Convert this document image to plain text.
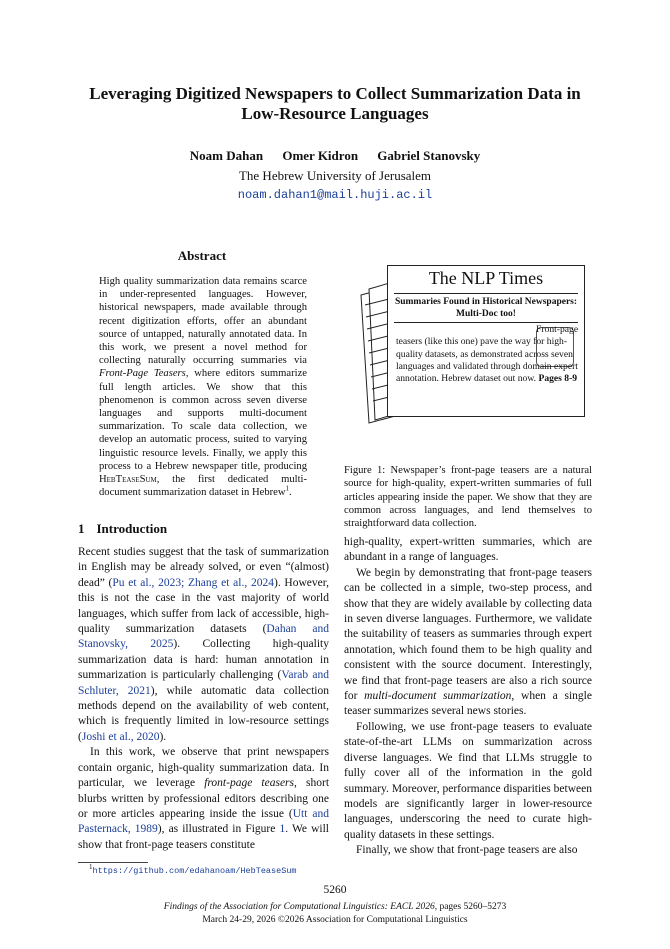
Leveraging Digitized Newspapers to Collect Summarization Data in
Low-Resource Languages
Noam Dahan Omer Kidron Gabriel Stanovsky
The Hebrew University of Jerusalem
noam.dahan1@mail.huji.ac.il
Abstract
High quality summarization data remains scarce in under-represented languages. However, historical newspapers, made available through recent digitization efforts, offer an abundant source of untapped, naturally annotated data. In this work, we present a novel method for collecting naturally occurring summaries via Front-Page Teasers, where editors summarize full length articles. We show that this phenomenon is common across seven diverse languages and supports multi-document summarization. To scale data collection, we develop an automatic process, suited to varying linguistic resource levels. Finally, we apply this process to a Hebrew newspaper title, producing HebTeaseSum, the first dedicated multi-document summarization dataset in Hebrew$^1$.
The NLP Times
Summaries Found in Historical Newspapers: Multi-Doc too!
Front-page teasers (like this one) pave the way for high-quality datasets, as demonstrated across seven languages and validated through domain expert annotation. Hebrew dataset out now. Pages 8-9
Figure 1: Newspaper’s front-page teasers are a natural source for high-quality, expert-written summaries of full articles appearing inside the paper. We show that they are common across languages, and lend themselves to straightforward data collection.
1 Introduction

Recent studies suggest that the task of summarization in English may be already solved, or even “(almost) dead” (Pu et al., 2023; Zhang et al., 2024). However, this is not the case in the vast majority of world languages, which suffer from lack of accessible, high-quality summarization datasets (Dahan and Stanovsky, 2025). Collecting high-quality summarization data is hard: human annotation in summarization is particularly challenging (Varab and Schluter, 2021), while automatic data collection methods depend on the availability of web content, which is frequently limited in low-resource settings (Joshi et al., 2020).

In this work, we observe that print newspapers contain organic, high-quality summarization data. In particular, we leverage front-page teasers, short blurbs written by professional editors describing one or more articles appearing inside the issue (Utt and Pasternack, 1989), as illustrated in Figure 1. We will show that front-page teasers constitute

high-quality, expert-written summaries, which are abundant in a range of languages.

We begin by demonstrating that front-page teasers can be collected in a simple, two-step process, and show that they are widely available by collecting data in seven diverse languages. Furthermore, we validate the suitability of teasers as summaries through expert annotation, which found them to be high quality and consistent with the source document. Interestingly, we find that front-page teasers are also a rich source for multi-document summarization, when a single teaser summarizes several news stories.

Following, we use front-page teasers to evaluate state-of-the-art LLMs on summarization across diverse languages. We find that LLMs struggle to fully cover all of the information in the gold summary. Moreover, performance disparities between models are significantly larger in lower-resource languages, underscoring the need to curate high-quality datasets in these settings.

Finally, we show that front-page teasers are also

$^1$https://github.com/edahanoam/HebTeaseSum
5260
Findings of the Association for Computational Linguistics: EACL 2026, pages 5260–5273
March 24-29, 2026 ©2026 Association for Computational Linguistics
